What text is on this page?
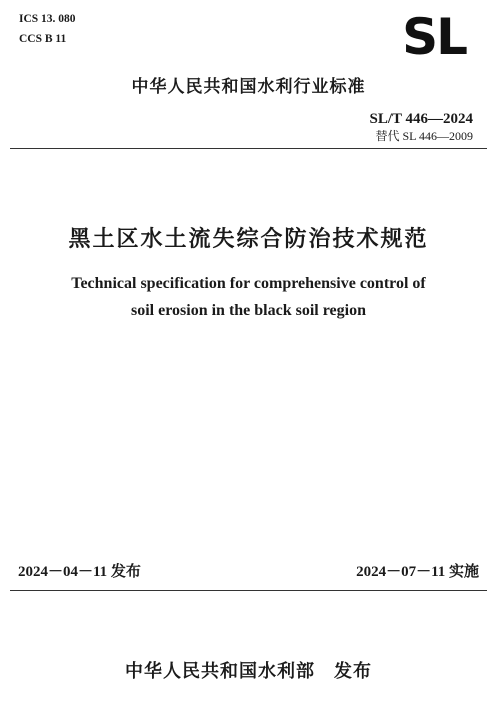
ICS 13. 080
CCS B 11	SL
中华人民共和国水利行业标准
SL/T 446—2024
替代 SL 446—2009
黑土区水土流失综合防治技术规范
Technical specification for comprehensive control of
soil erosion in the black soil region
2024－04－11 发布	2024－07－11 实施
中华人民共和国水利部　发布
